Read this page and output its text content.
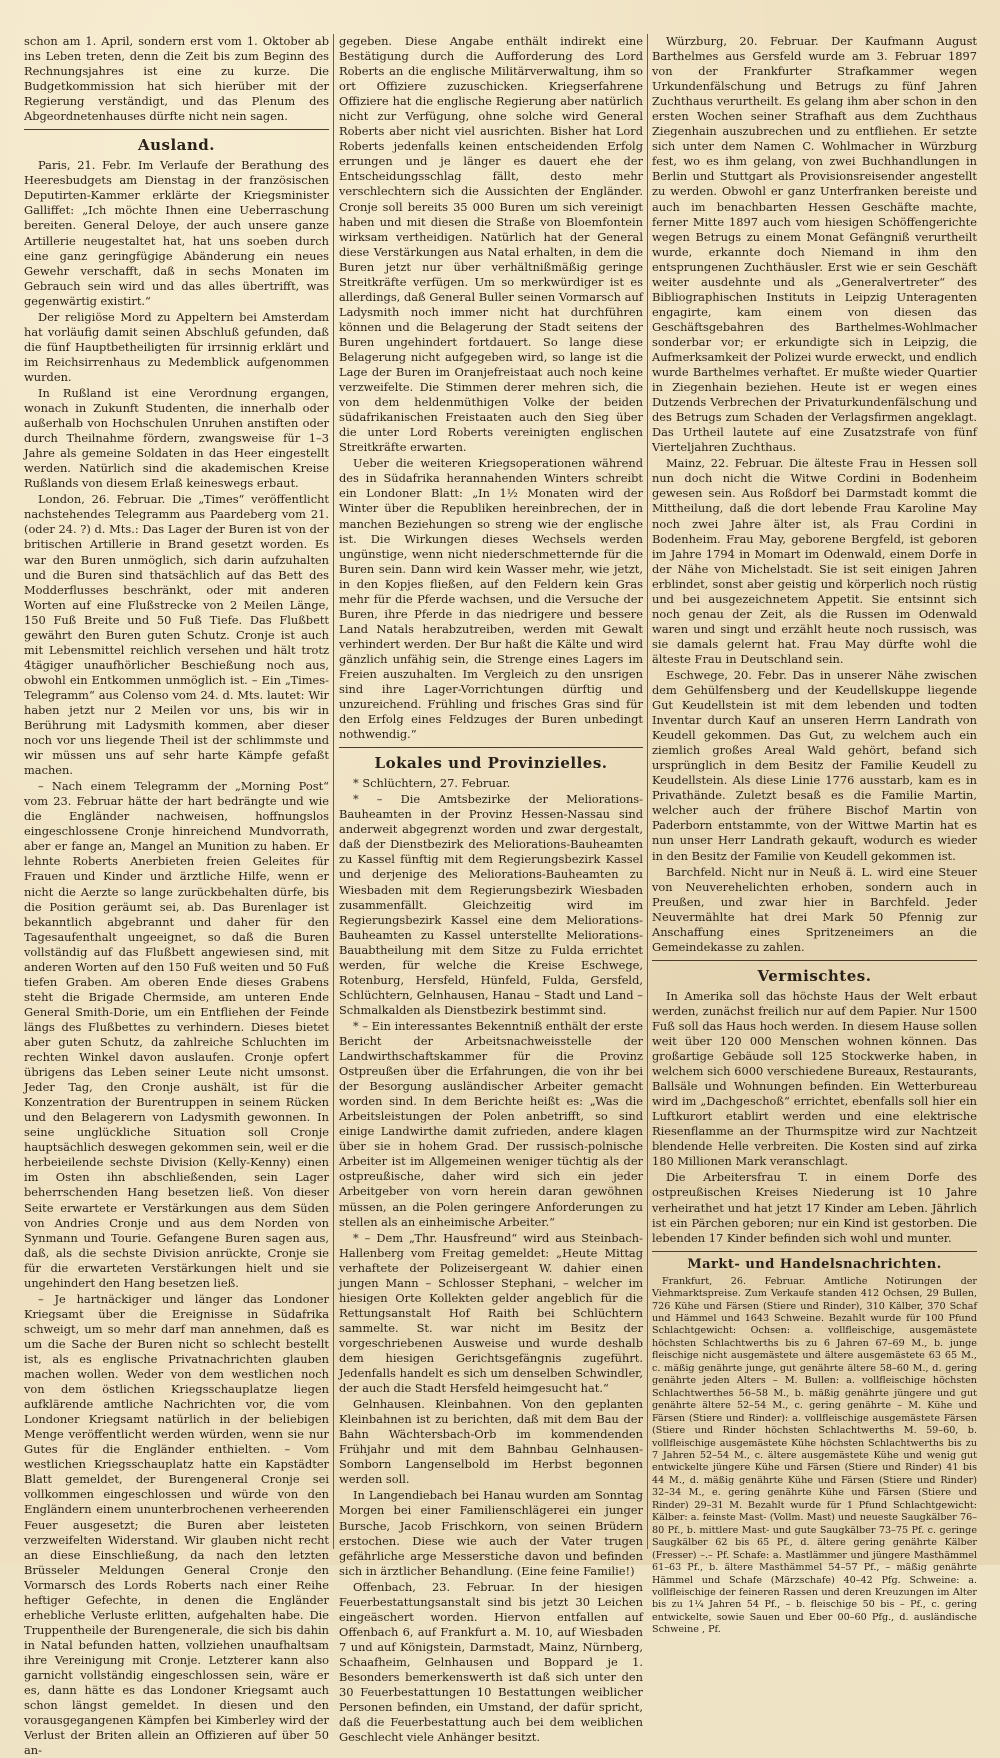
schon am 1. April, sondern erst vom 1. Oktober ab ins Leben treten, denn die Zeit bis zum Beginn des Rechnungsjahres ist eine zu kurze. Die Budgetkommission hat sich hierüber mit der Regierung verständigt, und das Plenum des Abgeordnetenhauses dürfte nicht nein sagen.

Ausland.

Paris, 21. Febr. Im Verlaufe der Berathung des Heeresbudgets am Dienstag in der französischen Deputirten-Kammer erklärte der Kriegsminister Galliffet: „Ich möchte Ihnen eine Ueberraschung bereiten. General Deloye, der auch unsere ganze Artillerie neugestaltet hat, hat uns soeben durch eine ganz geringfügige Abänderung ein neues Gewehr verschafft, daß in sechs Monaten im Gebrauch sein wird und das alles übertrifft, was gegenwärtig existirt.“

Der religiöse Mord zu Appeltern bei Amsterdam hat vorläufig damit seinen Abschluß gefunden, daß die fünf Hauptbetheiligten für irrsinnig erklärt und im Reichsirrenhaus zu Medemblick aufgenommen wurden.

In Rußland ist eine Verordnung ergangen, wonach in Zukunft Studenten, die innerhalb oder außerhalb von Hochschulen Unruhen anstiften oder durch Theilnahme fördern, zwangsweise für 1–3 Jahre als gemeine Soldaten in das Heer eingestellt werden. Natürlich sind die akademischen Kreise Rußlands von diesem Erlaß keineswegs erbaut.

London, 26. Februar. Die „Times“ veröffentlicht nachstehendes Telegramm aus Paardeberg vom 21. (oder 24. ?) d. Mts.: Das Lager der Buren ist von der britischen Artillerie in Brand gesetzt worden. Es war den Buren unmöglich, sich darin aufzuhalten und die Buren sind thatsächlich auf das Bett des Modderflusses beschränkt, oder mit anderen Worten auf eine Flußstrecke von 2 Meilen Länge, 150 Fuß Breite und 50 Fuß Tiefe. Das Flußbett gewährt den Buren guten Schutz. Cronje ist auch mit Lebensmittel reichlich versehen und hält trotz 4tägiger unaufhörlicher Beschießung noch aus, obwohl ein Entkommen unmöglich ist. – Ein „Times-Telegramm“ aus Colenso vom 24. d. Mts. lautet: Wir haben jetzt nur 2 Meilen vor uns, bis wir in Berührung mit Ladysmith kommen, aber dieser noch vor uns liegende Theil ist der schlimmste und wir müssen uns auf sehr harte Kämpfe gefaßt machen.

– Nach einem Telegramm der „Morning Post“ vom 23. Februar hätte der hart bedrängte und wie die Engländer nachweisen, hoffnungslos eingeschlossene Cronje hinreichend Mundvorrath, aber er fange an, Mangel an Munition zu haben. Er lehnte Roberts Anerbieten freien Geleites für Frauen und Kinder und ärztliche Hilfe, wenn er nicht die Aerzte so lange zurückbehalten dürfe, bis die Position geräumt sei, ab. Das Burenlager ist bekanntlich abgebrannt und daher für den Tagesaufenthalt ungeeignet, so daß die Buren vollständig auf das Flußbett angewiesen sind, mit anderen Worten auf den 150 Fuß weiten und 50 Fuß tiefen Graben. Am oberen Ende dieses Grabens steht die Brigade Chermside, am unteren Ende General Smith-Dorie, um ein Entfliehen der Feinde längs des Flußbettes zu verhindern. Dieses bietet aber guten Schutz, da zahlreiche Schluchten im rechten Winkel davon auslaufen. Cronje opfert übrigens das Leben seiner Leute nicht umsonst. Jeder Tag, den Cronje aushält, ist für die Konzentration der Burentruppen in seinem Rücken und den Belagerern von Ladysmith gewonnen. In seine unglückliche Situation soll Cronje hauptsächlich deswegen gekommen sein, weil er die herbeieilende sechste Division (Kelly-Kenny) einen im Osten ihn abschließenden, sein Lager beherrschenden Hang besetzen ließ. Von dieser Seite erwartete er Verstärkungen aus dem Süden von Andries Cronje und aus dem Norden von Synmann und Tourie. Gefangene Buren sagen aus, daß, als die sechste Division anrückte, Cronje sie für die erwarteten Verstärkungen hielt und sie ungehindert den Hang besetzen ließ.

– Je hartnäckiger und länger das Londoner Kriegsamt über die Ereignisse in Südafrika schweigt, um so mehr darf man annehmen, daß es um die Sache der Buren nicht so schlecht bestellt ist, als es englische Privatnachrichten glauben machen wollen. Weder von dem westlichen noch von dem östlichen Kriegsschauplatze liegen aufklärende amtliche Nachrichten vor, die vom Londoner Kriegsamt natürlich in der beliebigen Menge veröffentlicht werden würden, wenn sie nur Gutes für die Engländer enthielten. – Vom westlichen Kriegsschauplatz hatte ein Kapstädter Blatt gemeldet, der Burengeneral Cronje sei vollkommen eingeschlossen und würde von den Engländern einem ununterbrochenen verheerenden Feuer ausgesetzt; die Buren aber leisteten verzweifelten Widerstand. Wir glauben nicht recht an diese Einschließung, da nach den letzten Brüsseler Meldungen General Cronje den Vormarsch des Lords Roberts nach einer Reihe heftiger Gefechte, in denen die Engländer erhebliche Verluste erlitten, aufgehalten habe. Die Truppentheile der Burengenerale, die sich bis dahin in Natal befunden hatten, vollziehen unaufhaltsam ihre Vereinigung mit Cronje. Letzterer kann also garnicht vollständig eingeschlossen sein, wäre er es, dann hätte es das Londoner Kriegsamt auch schon längst gemeldet. In diesen und den vorausgegangenen Kämpfen bei Kimberley wird der Verlust der Briten allein an Offizieren auf über 50 an-

gegeben. Diese Angabe enthält indirekt eine Bestätigung durch die Aufforderung des Lord Roberts an die englische Militärverwaltung, ihm so ort Offiziere zuzuschicken. Kriegserfahrene Offiziere hat die englische Regierung aber natürlich nicht zur Verfügung, ohne solche wird General Roberts aber nicht viel ausrichten. Bisher hat Lord Roberts jedenfalls keinen entscheidenden Erfolg errungen und je länger es dauert ehe der Entscheidungsschlag fällt, desto mehr verschlechtern sich die Aussichten der Engländer. Cronje soll bereits 35 000 Buren um sich vereinigt haben und mit diesen die Straße von Bloemfontein wirksam vertheidigen. Natürlich hat der General diese Verstärkungen aus Natal erhalten, in dem die Buren jetzt nur über verhältnißmäßig geringe Streitkräfte verfügen. Um so merkwürdiger ist es allerdings, daß General Buller seinen Vormarsch auf Ladysmith noch immer nicht hat durchführen können und die Belagerung der Stadt seitens der Buren ungehindert fortdauert. So lange diese Belagerung nicht aufgegeben wird, so lange ist die Lage der Buren im Oranjefreistaat auch noch keine verzweifelte. Die Stimmen derer mehren sich, die von dem heldenmüthigen Volke der beiden südafrikanischen Freistaaten auch den Sieg über die unter Lord Roberts vereinigten englischen Streitkräfte erwarten.

Ueber die weiteren Kriegsoperationen während des in Südafrika herannahenden Winters schreibt ein Londoner Blatt: „In 1½ Monaten wird der Winter über die Republiken hereinbrechen, der in manchen Beziehungen so streng wie der englische ist. Die Wirkungen dieses Wechsels werden ungünstige, wenn nicht niederschmetternde für die Buren sein. Dann wird kein Wasser mehr, wie jetzt, in den Kopjes fließen, auf den Feldern kein Gras mehr für die Pferde wachsen, und die Versuche der Buren, ihre Pferde in das niedrigere und bessere Land Natals herabzutreiben, werden mit Gewalt verhindert werden. Der Bur haßt die Kälte und wird gänzlich unfähig sein, die Strenge eines Lagers im Freien auszuhalten. Im Vergleich zu den unsrigen sind ihre Lager-Vorrichtungen dürftig und unzureichend. Frühling und frisches Gras sind für den Erfolg eines Feldzuges der Buren unbedingt nothwendig.“

Lokales und Provinzielles.

* Schlüchtern, 27. Februar.

* – Die Amtsbezirke der Meliorations-Bauheamten in der Provinz Hessen-Nassau sind anderweit abgegrenzt worden und zwar dergestalt, daß der Dienstbezirk des Meliorations-Bauheamten zu Kassel fünftig mit dem Regierungsbezirk Kassel und derjenige des Meliorations-Bauheamten zu Wiesbaden mit dem Regierungsbezirk Wiesbaden zusammenfällt. Gleichzeitig wird im Regierungsbezirk Kassel eine dem Meliorations-Bauheamten zu Kassel unterstellte Meliorations-Bauabtheilung mit dem Sitze zu Fulda errichtet werden, für welche die Kreise Eschwege, Rotenburg, Hersfeld, Hünfeld, Fulda, Gersfeld, Schlüchtern, Gelnhausen, Hanau – Stadt und Land – Schmalkalden als Dienstbezirk bestimmt sind.

* – Ein interessantes Bekenntniß enthält der erste Bericht der Arbeitsnachweisstelle der Landwirthschaftskammer für die Provinz Ostpreußen über die Erfahrungen, die von ihr bei der Besorgung ausländischer Arbeiter gemacht worden sind. In dem Berichte heißt es: „Was die Arbeitsleistungen der Polen anbetrifft, so sind einige Landwirthe damit zufrieden, andere klagen über sie in hohem Grad. Der russisch-polnische Arbeiter ist im Allgemeinen weniger tüchtig als der ostpreußische, daher wird sich ein jeder Arbeitgeber von vorn herein daran gewöhnen müssen, an die Polen geringere Anforderungen zu stellen als an einheimische Arbeiter.“

* – Dem „Thr. Hausfreund“ wird aus Steinbach-Hallenberg vom Freitag gemeldet: „Heute Mittag verhaftete der Polizeisergeant W. dahier einen jungen Mann – Schlosser Stephani, – welcher im hiesigen Orte Kollekten gelder angeblich für die Rettungsanstalt Hof Raith bei Schlüchtern sammelte. St. war nicht im Besitz der vorgeschriebenen Ausweise und wurde deshalb dem hiesigen Gerichtsgefängnis zugeführt. Jedenfalls handelt es sich um denselben Schwindler, der auch die Stadt Hersfeld heimgesucht hat.“

Gelnhausen. Kleinbahnen. Von den geplanten Kleinbahnen ist zu berichten, daß mit dem Bau der Bahn Wächtersbach-Orb im kommendenden Frühjahr und mit dem Bahnbau Gelnhausen-Somborn Langenselbold im Herbst begonnen werden soll.

In Langendiebach bei Hanau wurden am Sonntag Morgen bei einer Familienschlägerei ein junger Bursche, Jacob Frischkorn, von seinen Brüdern erstochen. Diese wie auch der Vater trugen gefährliche arge Messerstiche davon und befinden sich in ärztlicher Behandlung. (Eine feine Familie!)

Offenbach, 23. Februar. In der hiesigen Feuerbestattungsanstalt sind bis jetzt 30 Leichen eingeäschert worden. Hiervon entfallen auf Offenbach 6, auf Frankfurt a. M. 10, auf Wiesbaden 7 und auf Königstein, Darmstadt, Mainz, Nürnberg, Schaafheim, Gelnhausen und Boppard je 1. Besonders bemerkenswerth ist daß sich unter den 30 Feuerbestattungen 10 Bestattungen weiblicher Personen befinden, ein Umstand, der dafür spricht, daß die Feuerbestattung auch bei dem weiblichen Geschlecht viele Anhänger besitzt.

Würzburg, 20. Februar. Der Kaufmann August Barthelmes aus Gersfeld wurde am 3. Februar 1897 von der Frankfurter Strafkammer wegen Urkundenfälschung und Betrugs zu fünf Jahren Zuchthaus verurtheilt. Es gelang ihm aber schon in den ersten Wochen seiner Strafhaft aus dem Zuchthaus Ziegenhain auszubrechen und zu entfliehen. Er setzte sich unter dem Namen C. Wohlmacher in Würzburg fest, wo es ihm gelang, von zwei Buchhandlungen in Berlin und Stuttgart als Provisionsreisender angestellt zu werden. Obwohl er ganz Unterfranken bereiste und auch im benachbarten Hessen Geschäfte machte, ferner Mitte 1897 auch vom hiesigen Schöffengerichte wegen Betrugs zu einem Monat Gefängniß verurtheilt wurde, erkannte doch Niemand in ihm den entsprungenen Zuchthäusler. Erst wie er sein Geschäft weiter ausdehnte und als „Generalvertreter“ des Bibliographischen Instituts in Leipzig Unteragenten engagirte, kam einem von diesen das Geschäftsgebahren des Barthelmes-Wohlmacher sonderbar vor; er erkundigte sich in Leipzig, die Aufmerksamkeit der Polizei wurde erweckt, und endlich wurde Barthelmes verhaftet. Er mußte wieder Quartier in Ziegenhain beziehen. Heute ist er wegen eines Dutzends Verbrechen der Privaturkundenfälschung und des Betrugs zum Schaden der Verlagsfirmen angeklagt. Das Urtheil lautete auf eine Zusatzstrafe von fünf Vierteljahren Zuchthaus.

Mainz, 22. Februar. Die älteste Frau in Hessen soll nun doch nicht die Witwe Cordini in Bodenheim gewesen sein. Aus Roßdorf bei Darmstadt kommt die Mittheilung, daß die dort lebende Frau Karoline May noch zwei Jahre älter ist, als Frau Cordini in Bodenheim. Frau May, geborene Bergfeld, ist geboren im Jahre 1794 in Momart im Odenwald, einem Dorfe in der Nähe von Michelstadt. Sie ist seit einigen Jahren erblindet, sonst aber geistig und körperlich noch rüstig und bei ausgezeichnetem Appetit. Sie entsinnt sich noch genau der Zeit, als die Russen im Odenwald waren und singt und erzählt heute noch russisch, was sie damals gelernt hat. Frau May dürfte wohl die älteste Frau in Deutschland sein.

Eschwege, 20. Febr. Das in unserer Nähe zwischen dem Gehülfensberg und der Keudellskuppe liegende Gut Keudellstein ist mit dem lebenden und todten Inventar durch Kauf an unseren Herrn Landrath von Keudell gekommen. Das Gut, zu welchem auch ein ziemlich großes Areal Wald gehört, befand sich ursprünglich in dem Besitz der Familie Keudell zu Keudellstein. Als diese Linie 1776 ausstarb, kam es in Privathände. Zuletzt besaß es die Familie Martin, welcher auch der frühere Bischof Martin von Paderborn entstammte, von der Wittwe Martin hat es nun unser Herr Landrath gekauft, wodurch es wieder in den Besitz der Familie von Keudell gekommen ist.

Barchfeld. Nicht nur in Neuß ä. L. wird eine Steuer von Neuverehelichten erhoben, sondern auch in Preußen, und zwar hier in Barchfeld. Jeder Neuvermählte hat drei Mark 50 Pfennig zur Anschaffung eines Spritzeneimers an die Gemeindekasse zu zahlen.

Vermischtes.

In Amerika soll das höchste Haus der Welt erbaut werden, zunächst freilich nur auf dem Papier. Nur 1500 Fuß soll das Haus hoch werden. In diesem Hause sollen weit über 120 000 Menschen wohnen können. Das großartige Gebäude soll 125 Stockwerke haben, in welchem sich 6000 verschiedene Bureaux, Restaurants, Ballsäle und Wohnungen befinden. Ein Wetterbureau wird im „Dachgeschoß“ errichtet, ebenfalls soll hier ein Luftkurort etablirt werden und eine elektrische Riesenflamme an der Thurmspitze wird zur Nachtzeit blendende Helle verbreiten. Die Kosten sind auf zirka 180 Millionen Mark veranschlagt.

Die Arbeitersfrau T. in einem Dorfe des ostpreußischen Kreises Niederung ist 10 Jahre verheirathet und hat jetzt 17 Kinder am Leben. Jährlich ist ein Pärchen geboren; nur ein Kind ist gestorben. Die lebenden 17 Kinder befinden sich wohl und munter.

Markt- und Handelsnachrichten.

Frankfurt, 26. Februar. Amtliche Notirungen der Viehmarktspreise. Zum Verkaufe standen 412 Ochsen, 29 Bullen, 726 Kühe und Färsen (Stiere und Rinder), 310 Kälber, 370 Schaf und Hämmel und 1643 Schweine. Bezahlt wurde für 100 Pfund Schlachtgewicht: Ochsen: a. vollfleischige, ausgemästete höchsten Schlachtwerths bis zu 6 Jahren 67–69 M., b. junge fleischige nicht ausgemästete und ältere ausgemästete 63 65 M., c. mäßig genährte junge, gut genährte ältere 58–60 M., d. gering genährte jeden Alters – M. Bullen: a. vollfleischige höchsten Schlachtwerthes 56–58 M., b. mäßig genährte jüngere und gut genährte ältere 52–54 M., c. gering genährte – M. Kühe und Färsen (Stiere und Rinder): a. vollfleischige ausgemästete Färsen (Stiere und Rinder höchsten Schlachtwerths M. 59–60, b. vollfleischige ausgemästete Kühe höchsten Schlachtwerths bis zu 7 Jahren 52–54 M., c. ältere ausgemästete Kühe und wenig gut entwickelte jüngere Kühe und Färsen (Stiere und Rinder) 41 bis 44 M., d. mäßig genährte Kühe und Färsen (Stiere und Rinder) 32–34 M., e. gering genährte Kühe und Färsen (Stiere und Rinder) 29–31 M. Bezahlt wurde für 1 Pfund Schlachtgewicht: Kälber: a. feinste Mast- (Vollm. Mast) und neueste Saugkälber 76–80 Pf., b. mittlere Mast- und gute Saugkälber 73–75 Pf. c. geringe Saugkälber 62 bis 65 Pf., d. ältere gering genährte Kälber (Fresser) –.– Pf. Schafe: a. Mastlämmer und jüngere Masthämmel 61–63 Pf., b. ältere Masthämmel 54–57 Pf., – mäßig genährte Hämmel und Schafe (Märzschafe) 40–42 Pfg. Schweine: a. vollfleischige der feineren Rassen und deren Kreuzungen im Alter bis zu 1¼ Jahren 54 Pf., – b. fleischige 50 bis – Pf., c. gering entwickelte, sowie Sauen und Eber 00–60 Pfg., d. ausländische Schweine , Pf.
